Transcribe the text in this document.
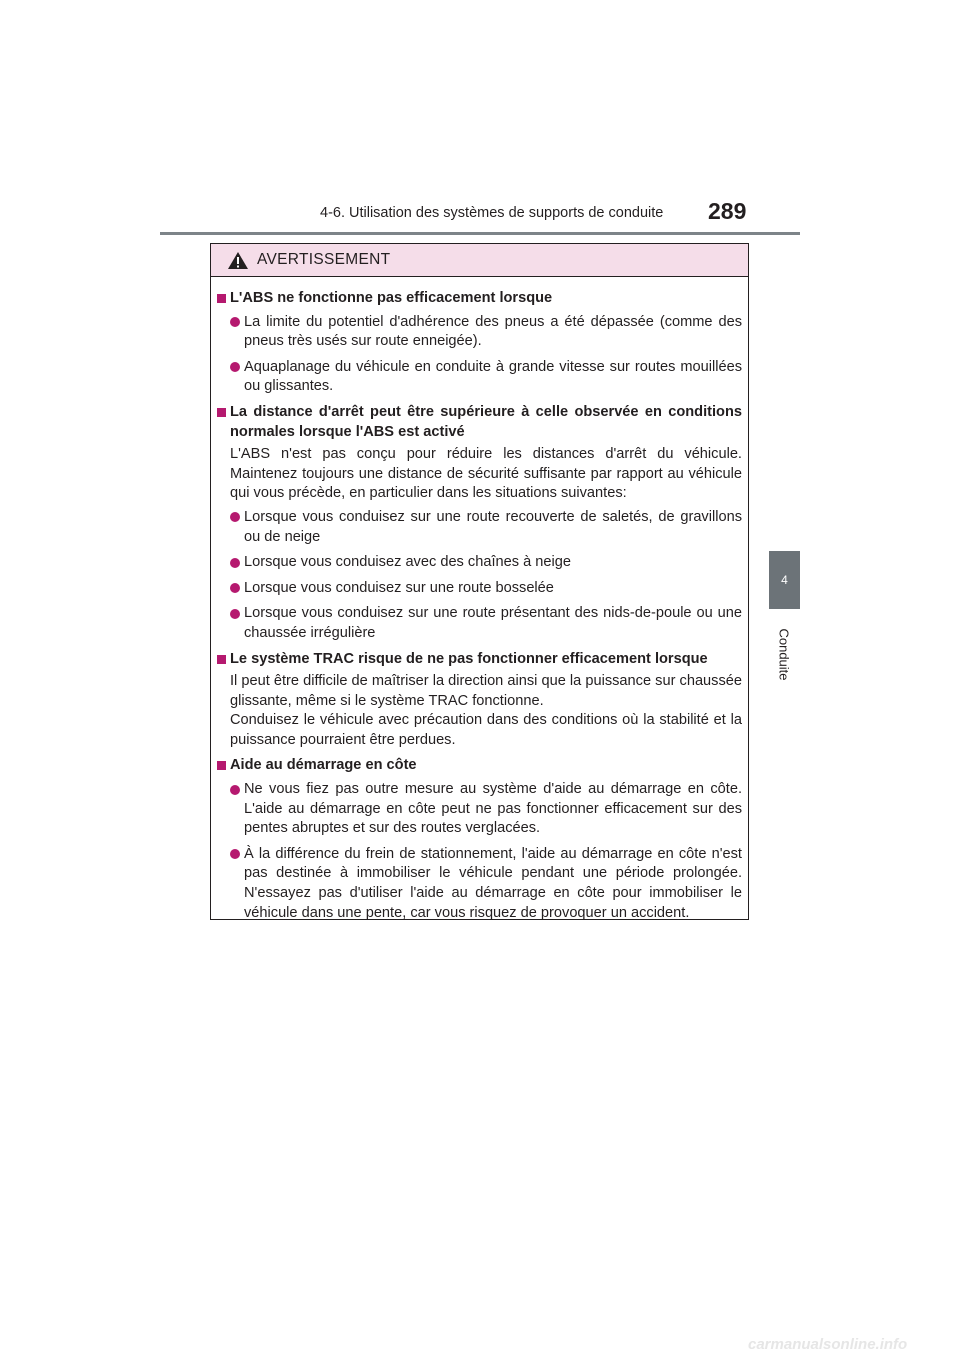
4-6. Utilisation des systèmes de supports de conduite 289
4
Conduite
AVERTISSEMENT
L'ABS ne fonctionne pas efficacement lorsque
La limite du potentiel d'adhérence des pneus a été dépassée (comme des pneus très usés sur route enneigée).
Aquaplanage du véhicule en conduite à grande vitesse sur routes mouillées ou glissantes.
La distance d'arrêt peut être supérieure à celle observée en conditions normales lorsque l'ABS est activé
L'ABS n'est pas conçu pour réduire les distances d'arrêt du véhicule. Maintenez toujours une distance de sécurité suffisante par rapport au véhicule qui vous précède, en particulier dans les situations suivantes:
Lorsque vous conduisez sur une route recouverte de saletés, de gravillons ou de neige
Lorsque vous conduisez avec des chaînes à neige
Lorsque vous conduisez sur une route bosselée
Lorsque vous conduisez sur une route présentant des nids-de-poule ou une chaussée irrégulière
Le système TRAC risque de ne pas fonctionner efficacement lorsque
Il peut être difficile de maîtriser la direction ainsi que la puissance sur chaussée glissante, même si le système TRAC fonctionne.
Conduisez le véhicule avec précaution dans des conditions où la stabilité et la puissance pourraient être perdues.
Aide au démarrage en côte
Ne vous fiez pas outre mesure au système d'aide au démarrage en côte. L'aide au démarrage en côte peut ne pas fonctionner efficacement sur des pentes abruptes et sur des routes verglacées.
À la différence du frein de stationnement, l'aide au démarrage en côte n'est pas destinée à immobiliser le véhicule pendant une période prolongée. N'essayez pas d'utiliser l'aide au démarrage en côte pour immobiliser le véhicule dans une pente, car vous risquez de provoquer un accident.
carmanualsonline.info
